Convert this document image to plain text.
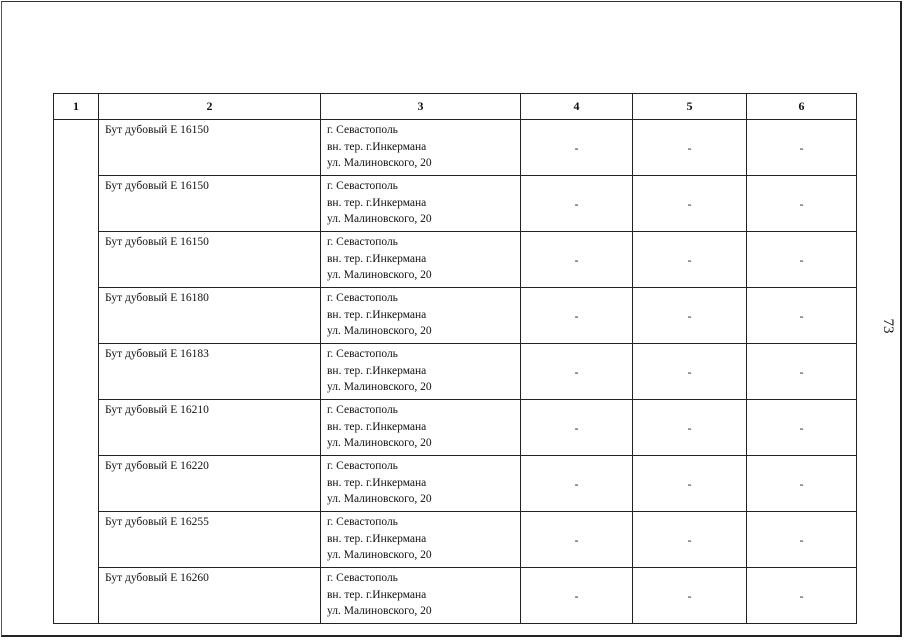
73
1	2	3	4	5	6
	Бут дубовый Е 16150	г. Севастополь
вн. тер. г.Инкермана
ул. Малиновского, 20	-	-	-
	Бут дубовый Е 16150	г. Севастополь
вн. тер. г.Инкермана
ул. Малиновского, 20	-	-	-
	Бут дубовый Е 16150	г. Севастополь
вн. тер. г.Инкермана
ул. Малиновского, 20	-	-	-
	Бут дубовый Е 16180	г. Севастополь
вн. тер. г.Инкермана
ул. Малиновского, 20	-	-	-
	Бут дубовый Е 16183	г. Севастополь
вн. тер. г.Инкермана
ул. Малиновского, 20	-	-	-
	Бут дубовый Е 16210	г. Севастополь
вн. тер. г.Инкермана
ул. Малиновского, 20	-	-	-
	Бут дубовый Е 16220	г. Севастополь
вн. тер. г.Инкермана
ул. Малиновского, 20	-	-	-
	Бут дубовый Е 16255	г. Севастополь
вн. тер. г.Инкермана
ул. Малиновского, 20	-	-	-
	Бут дубовый Е 16260	г. Севастополь
вн. тер. г.Инкермана
ул. Малиновского, 20	-	-	-
